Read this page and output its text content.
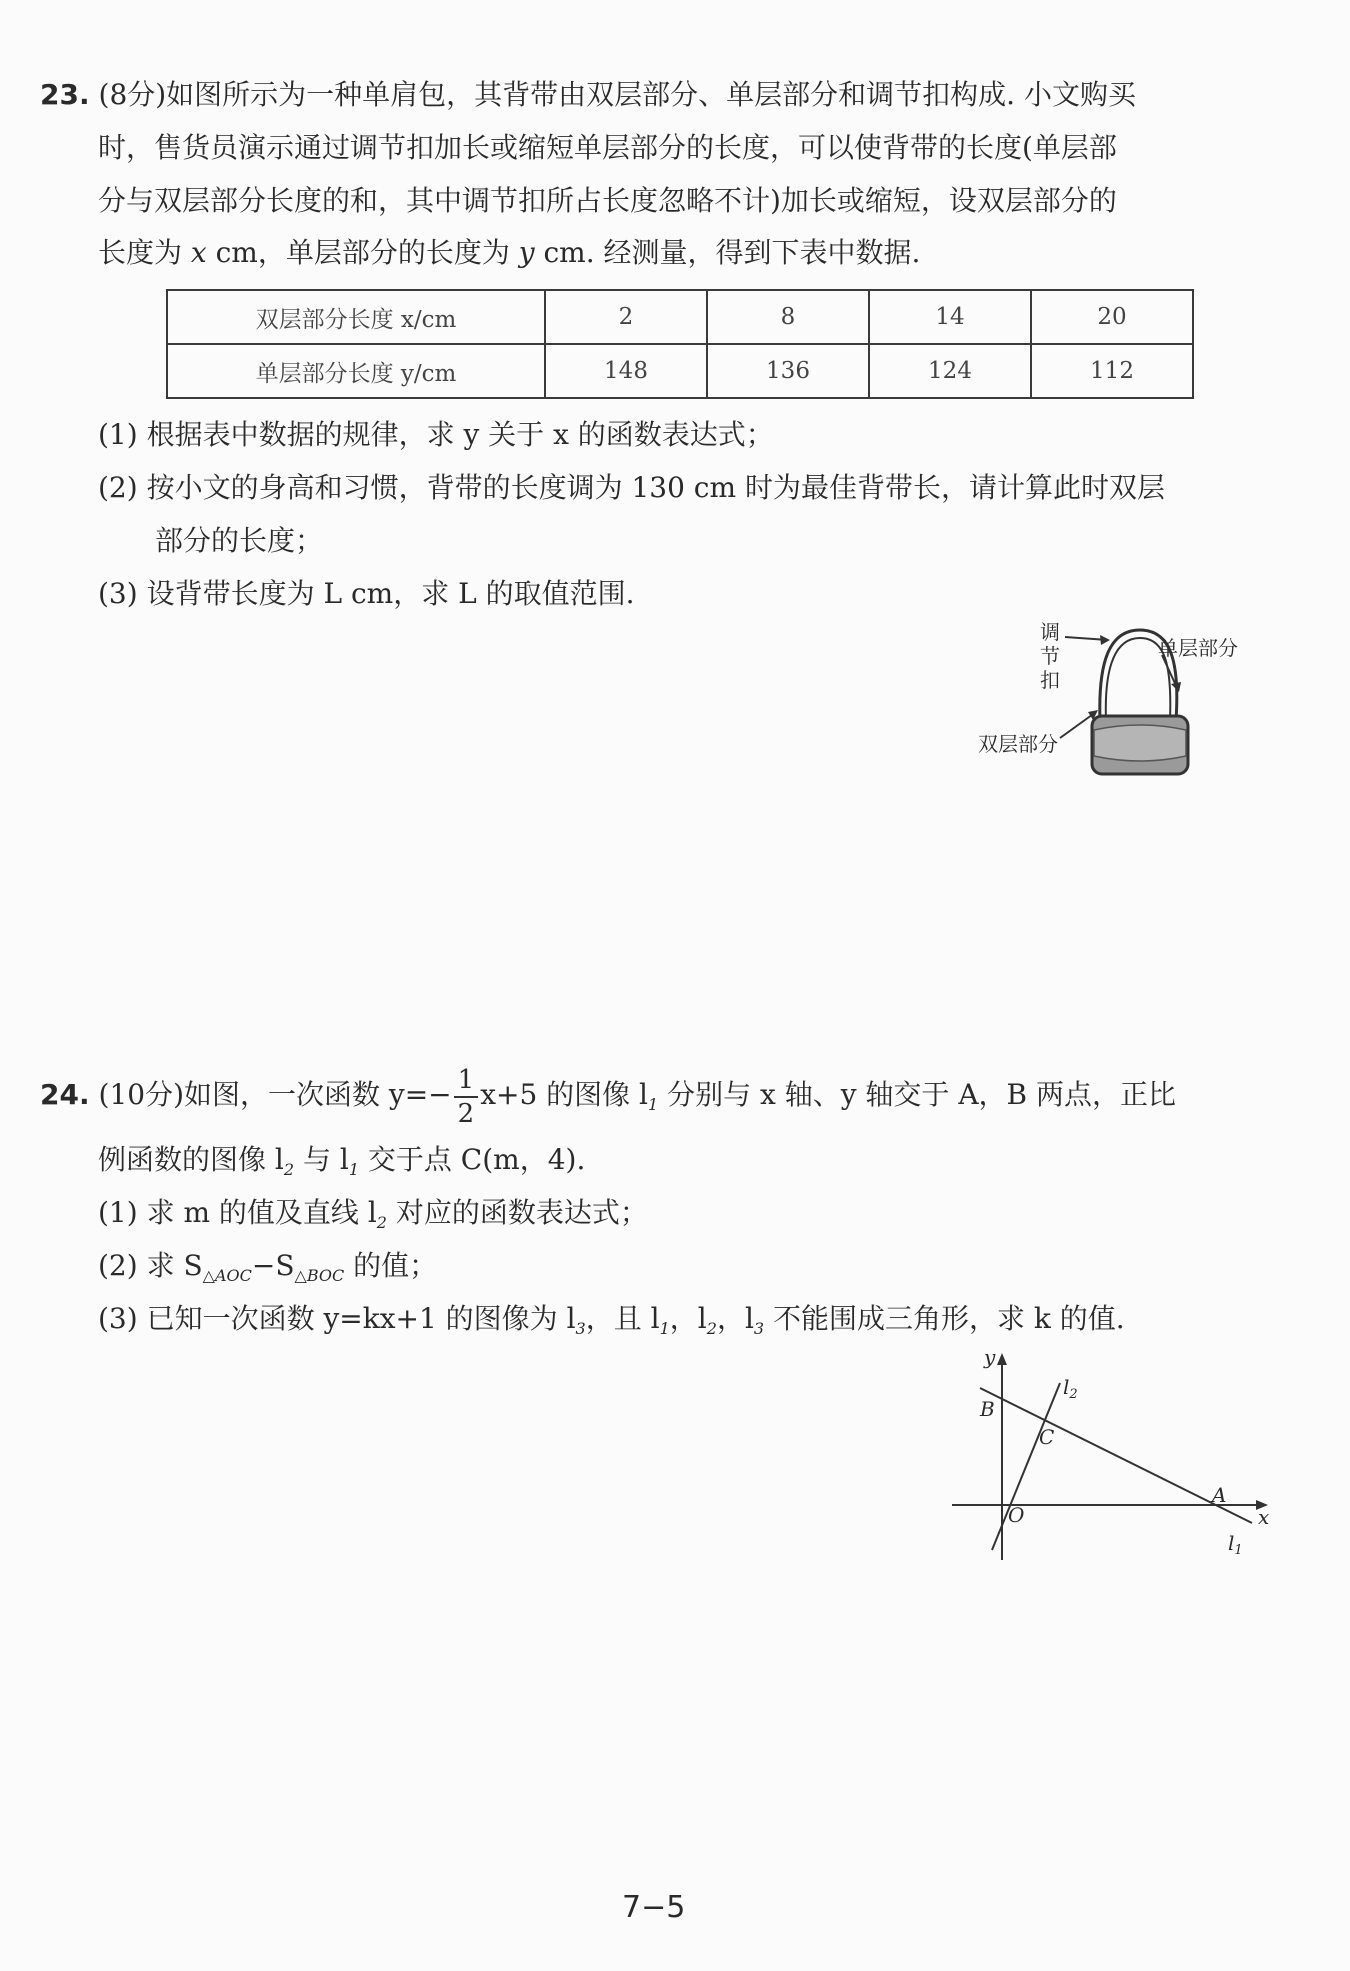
23. (8分)如图所示为一种单肩包，其背带由双层部分、单层部分和调节扣构成. 小文购买
时，售货员演示通过调节扣加长或缩短单层部分的长度，可以使背带的长度(单层部
分与双层部分长度的和，其中调节扣所占长度忽略不计)加长或缩短，设双层部分的
长度为 x cm，单层部分的长度为 y cm. 经测量，得到下表中数据.
双层部分长度 x/cm	2	8	14	20
单层部分长度 y/cm	148	136	124	112
(1) 根据表中数据的规律，求 y 关于 x 的函数表达式；
(2) 按小文的身高和习惯，背带的长度调为 130 cm 时为最佳背带长，请计算此时双层
部分的长度；
(3) 设背带长度为 L cm，求 L 的取值范围.
调
节
扣
单层部分
双层部分
24. (10分)如图，一次函数 $y=- \frac{1}{2} x+5$ 的图像 $l_1$ 分别与 x 轴、y 轴交于 A，B 两点，正比
例函数的图像 $l_2$ 与 $l_1$ 交于点 C(m，4).
(1) 求 m 的值及直线 $l_2$ 对应的函数表达式；
(2) 求 $S_{\triangle AOC}-S_{\triangle BOC}$ 的值；
(3) 已知一次函数 y=kx+1 的图像为 $l_3$，且 $l_1$，$l_2$，$l_3$ 不能围成三角形，求 k 的值.
y
x
O
A
B
C
$l_2$
$l_1$
7−5
